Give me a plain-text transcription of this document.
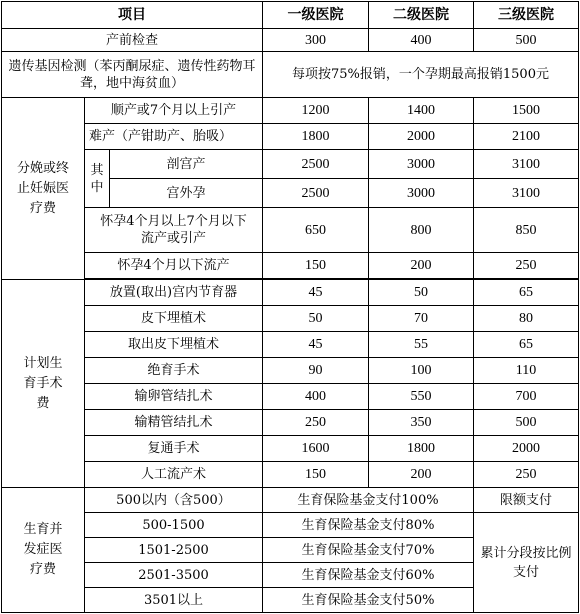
项目			一级医院	二级医院	三级医院
产前检查			300	400	500
遗传基因检测（苯丙酮尿症、遗传性药物耳聋，地中海贫血）			每项按75%报销，一个孕期最高报销1500元		

分娩或终止妊娠医疗费	顺产或7个月以上引产		1200	1400	1500
	难产（产钳助产、胎吸）		1800	2000	2100

	其中	剖宫产	2500	3000	3100
		宫外孕	2500	3000	3100

	怀孕4个月以上7个月以下流产或引产		650	800	850
	怀孕4个月以下流产		150	200	250

计划生育手术费	放置(取出)宫内节育器		45	50	65
	皮下埋植术		50	70	80
	取出皮下埋植术		45	55	65
	绝育手术		90	100	110
	输卵管结扎术		400	550	700
	输精管结扎术		250	350	500
	复通手术		1600	1800	2000
	人工流产术		150	200	250

生育并发症医疗费	500以内（含500）		生育保险基金支付100%		限额支付
	500-1500		生育保险基金支付80%		累计分段按比例支付

	1501-2500		生育保险基金支付70%		
	2501-3500		生育保险基金支付60%		
	3501以上		生育保险基金支付50%		
